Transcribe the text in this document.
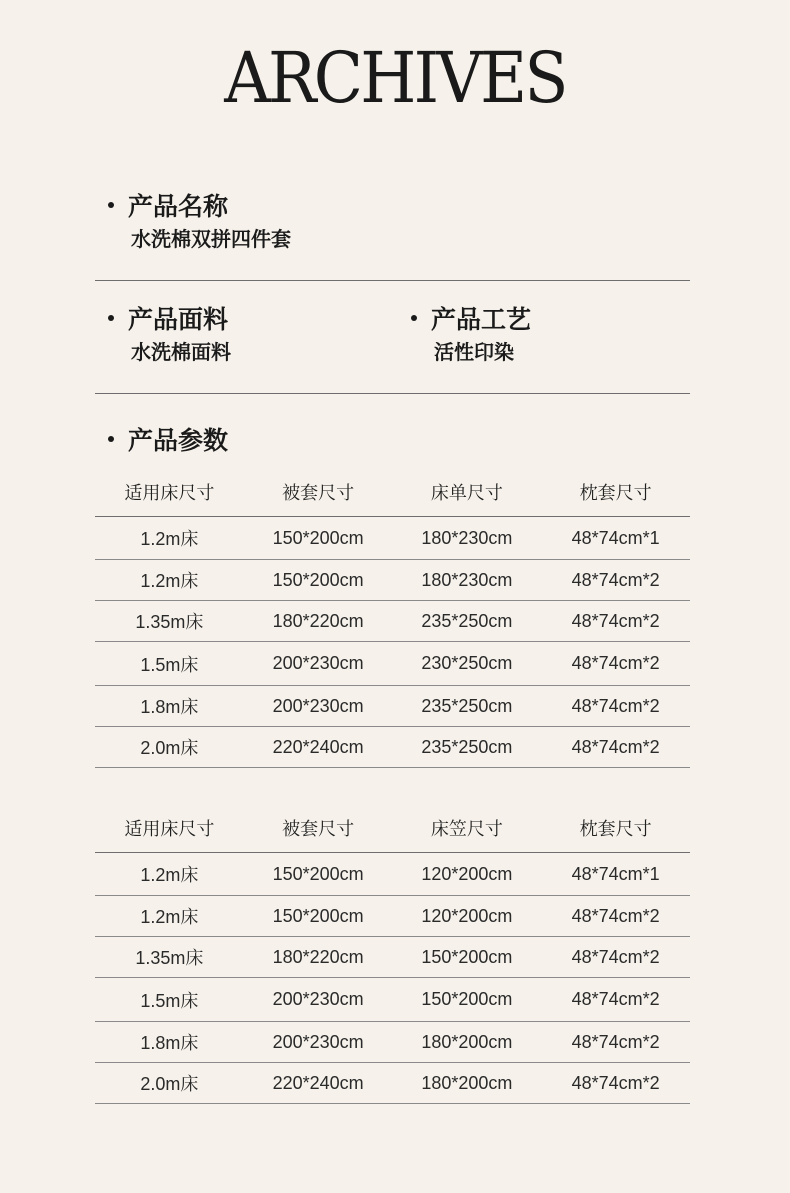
ARCHIVES
产品名称
水洗棉双拼四件套
产品面料
水洗棉面料
产品工艺
活性印染
产品参数
适用床尺寸	被套尺寸	床单尺寸	枕套尺寸
1.2m床	150*200cm	180*230cm	48*74cm*1
1.2m床	150*200cm	180*230cm	48*74cm*2
1.35m床	180*220cm	235*250cm	48*74cm*2
1.5m床	200*230cm	230*250cm	48*74cm*2
1.8m床	200*230cm	235*250cm	48*74cm*2
2.0m床	220*240cm	235*250cm	48*74cm*2
适用床尺寸	被套尺寸	床笠尺寸	枕套尺寸
1.2m床	150*200cm	120*200cm	48*74cm*1
1.2m床	150*200cm	120*200cm	48*74cm*2
1.35m床	180*220cm	150*200cm	48*74cm*2
1.5m床	200*230cm	150*200cm	48*74cm*2
1.8m床	200*230cm	180*200cm	48*74cm*2
2.0m床	220*240cm	180*200cm	48*74cm*2
